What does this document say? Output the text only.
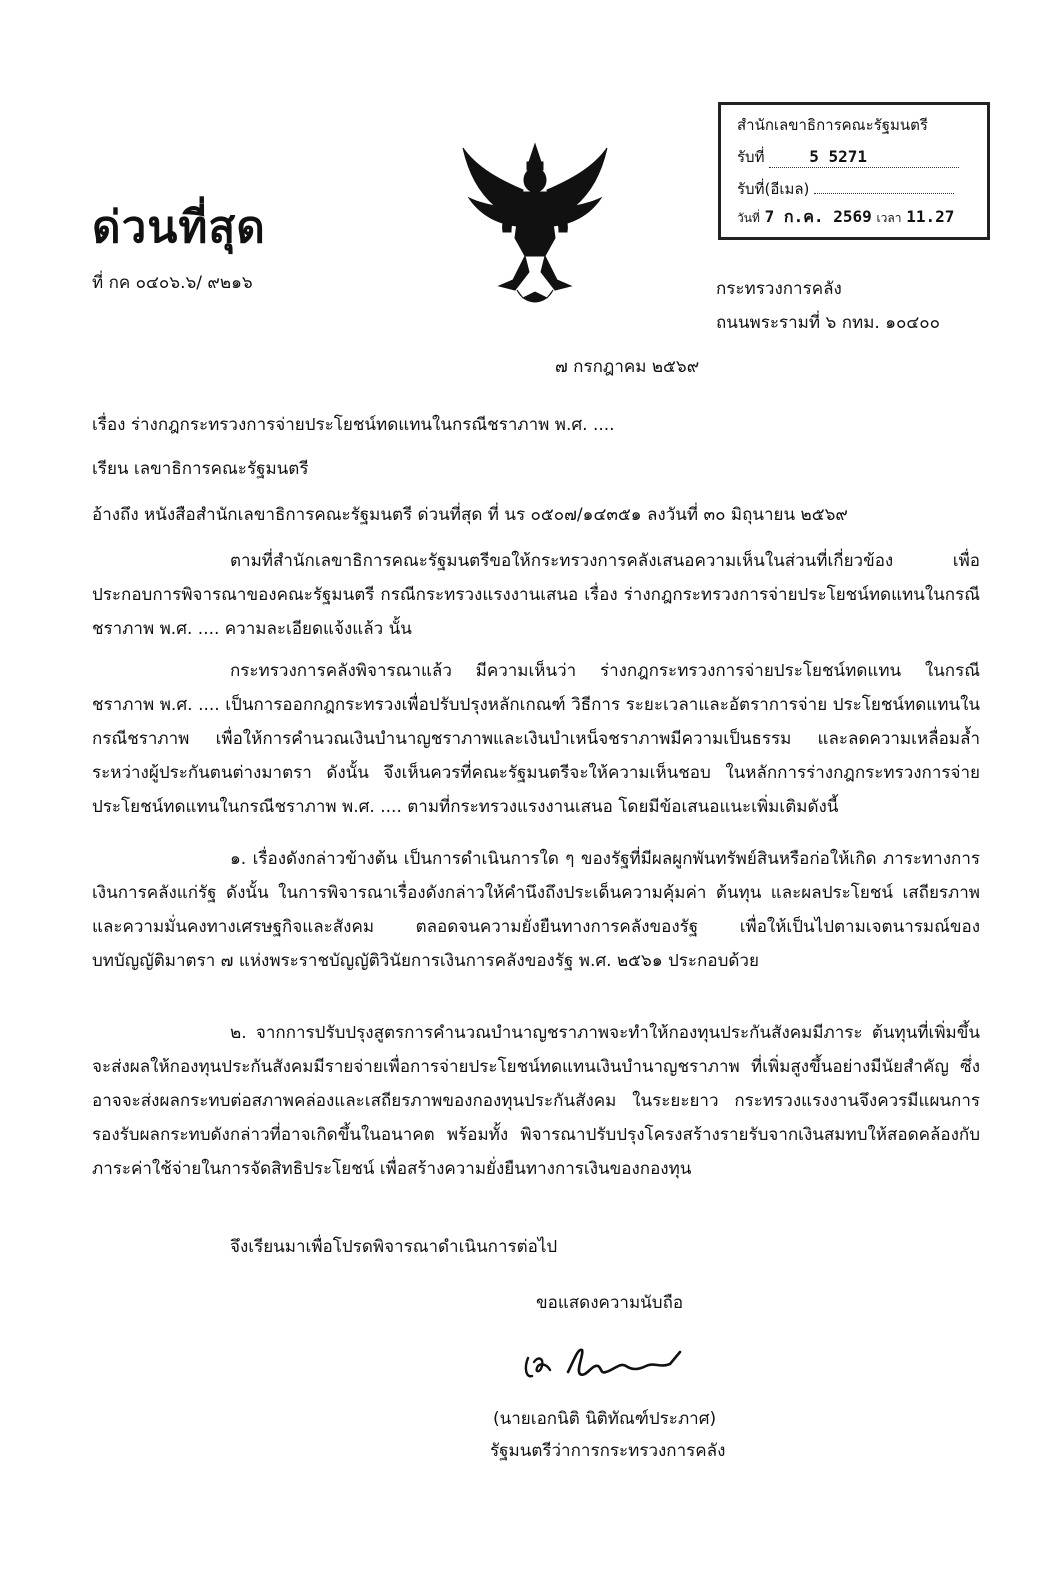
ด่วนที่สุด
ที่ กค ๐๔๐๖.๖/ ๙๒๑๖
สำนักเลขาธิการคณะรัฐมนตรี
รับที่	5 5271
รับที่(อีเมล)
วันที่ 7 ก.ค. 2569 เวลา 11.27
กระทรวงการคลัง
ถนนพระรามที่ ๖ กทม. ๑๐๔๐๐
๗ กรกฎาคม ๒๕๖๙
เรื่อง ร่างกฎกระทรวงการจ่ายประโยชน์ทดแทนในกรณีชราภาพ พ.ศ. ....
เรียน เลขาธิการคณะรัฐมนตรี
อ้างถึง หนังสือสำนักเลขาธิการคณะรัฐมนตรี ด่วนที่สุด ที่ นร ๐๕๐๗/๑๔๓๕๑ ลงวันที่ ๓๐ มิถุนายน ๒๕๖๙
ตามที่สำนักเลขาธิการคณะรัฐมนตรีขอให้กระทรวงการคลังเสนอความเห็นในส่วนที่เกี่ยวข้อง เพื่อประกอบการพิจารณาของคณะรัฐมนตรี กรณีกระทรวงแรงงานเสนอ เรื่อง ร่างกฎกระทรวงการจ่ายประโยชน์ทดแทนในกรณีชราภาพ พ.ศ. .... ความละเอียดแจ้งแล้ว นั้น
กระทรวงการคลังพิจารณาแล้ว มีความเห็นว่า ร่างกฎกระทรวงการจ่ายประโยชน์ทดแทน ในกรณีชราภาพ พ.ศ. .... เป็นการออกกฎกระทรวงเพื่อปรับปรุงหลักเกณฑ์ วิธีการ ระยะเวลาและอัตราการจ่าย ประโยชน์ทดแทนในกรณีชราภาพ เพื่อให้การคำนวณเงินบำนาญชราภาพและเงินบำเหน็จชราภาพมีความเป็นธรรม และลดความเหลื่อมล้ำระหว่างผู้ประกันตนต่างมาตรา ดังนั้น จึงเห็นควรที่คณะรัฐมนตรีจะให้ความเห็นชอบ ในหลักการร่างกฎกระทรวงการจ่ายประโยชน์ทดแทนในกรณีชราภาพ พ.ศ. .... ตามที่กระทรวงแรงงานเสนอ โดยมีข้อเสนอแนะเพิ่มเติมดังนี้
๑. เรื่องดังกล่าวข้างต้น เป็นการดำเนินการใด ๆ ของรัฐที่มีผลผูกพันทรัพย์สินหรือก่อให้เกิด ภาระทางการเงินการคลังแก่รัฐ ดังนั้น ในการพิจารณาเรื่องดังกล่าวให้คำนึงถึงประเด็นความคุ้มค่า ต้นทุน และผลประโยชน์ เสถียรภาพและความมั่นคงทางเศรษฐกิจและสังคม ตลอดจนความยั่งยืนทางการคลังของรัฐ เพื่อให้เป็นไปตามเจตนารมณ์ของบทบัญญัติมาตรา ๗ แห่งพระราชบัญญัติวินัยการเงินการคลังของรัฐ พ.ศ. ๒๕๖๑ ประกอบด้วย
๒. จากการปรับปรุงสูตรการคำนวณบำนาญชราภาพจะทำให้กองทุนประกันสังคมมีภาระ ต้นทุนที่เพิ่มขึ้น จะส่งผลให้กองทุนประกันสังคมมีรายจ่ายเพื่อการจ่ายประโยชน์ทดแทนเงินบำนาญชราภาพ ที่เพิ่มสูงขึ้นอย่างมีนัยสำคัญ ซึ่งอาจจะส่งผลกระทบต่อสภาพคล่องและเสถียรภาพของกองทุนประกันสังคม ในระยะยาว กระทรวงแรงงานจึงควรมีแผนการรองรับผลกระทบดังกล่าวที่อาจเกิดขึ้นในอนาคต พร้อมทั้ง พิจารณาปรับปรุงโครงสร้างรายรับจากเงินสมทบให้สอดคล้องกับภาระค่าใช้จ่ายในการจัดสิทธิประโยชน์ เพื่อสร้างความยั่งยืนทางการเงินของกองทุน
จึงเรียนมาเพื่อโปรดพิจารณาดำเนินการต่อไป
ขอแสดงความนับถือ
(นายเอกนิติ นิติทัณฑ์ประภาศ)
รัฐมนตรีว่าการกระทรวงการคลัง
